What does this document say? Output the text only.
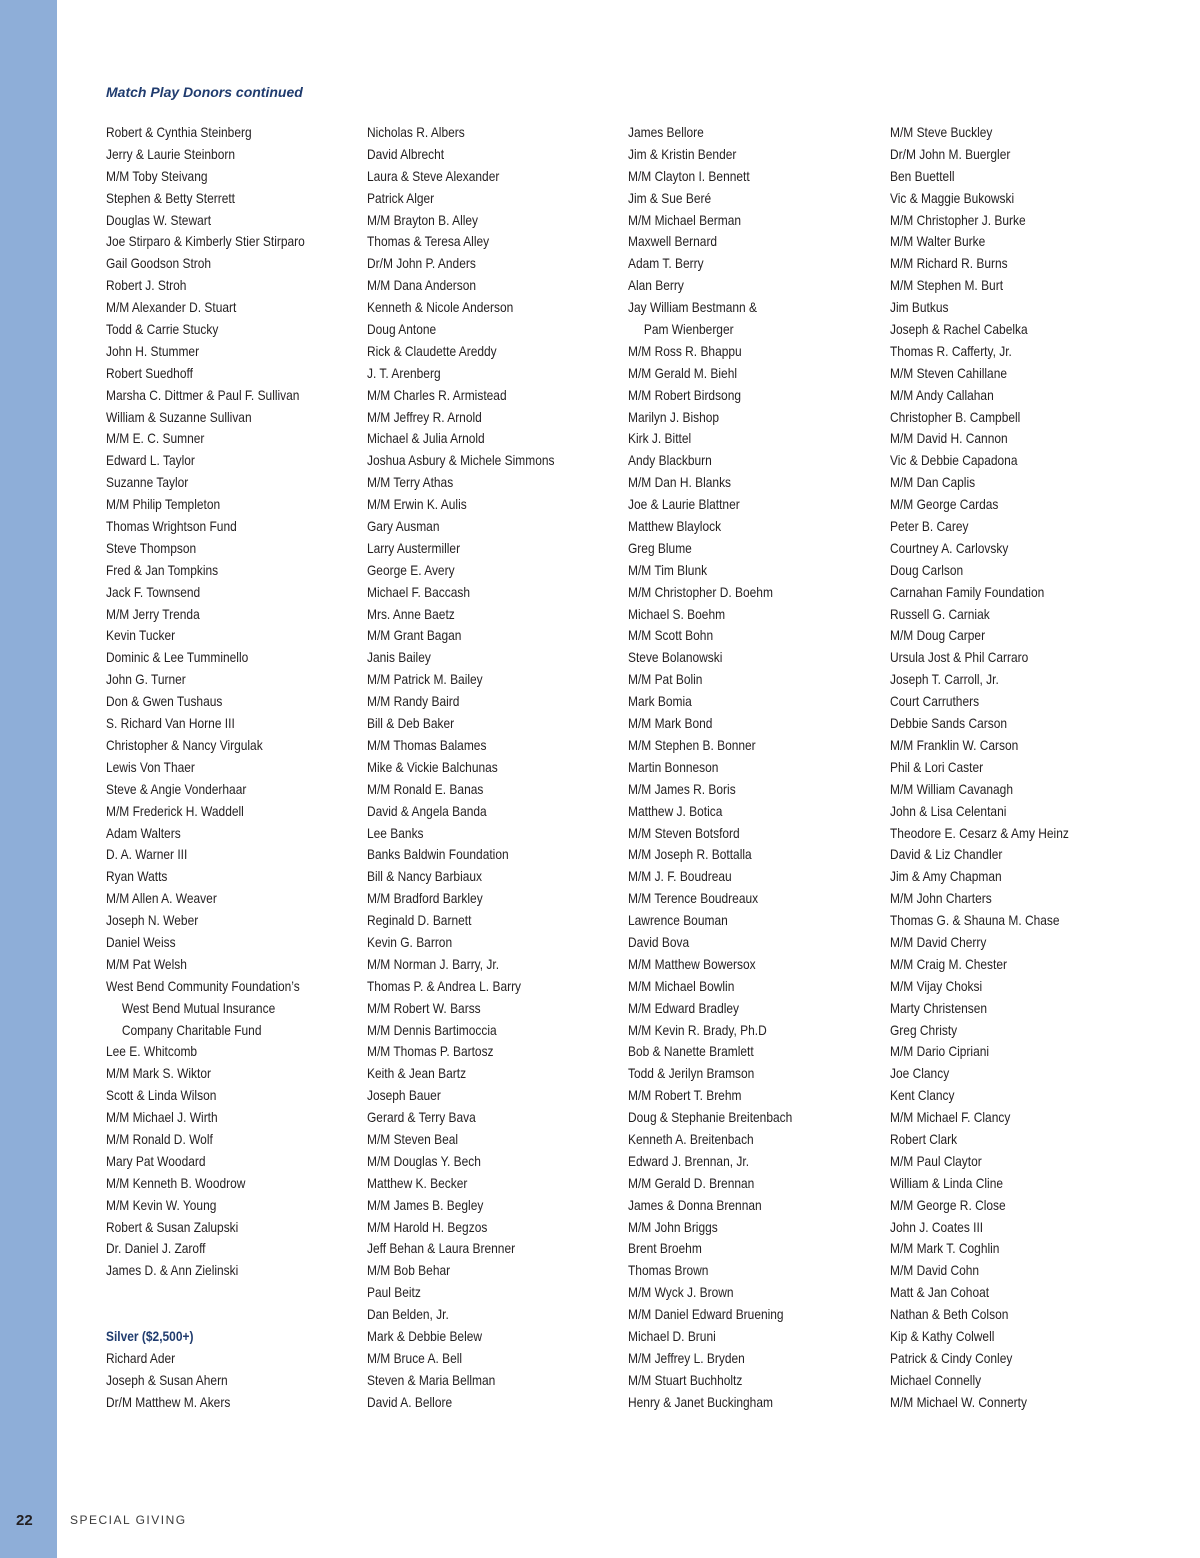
Match Play Donors continued
Robert & Cynthia Steinberg
Jerry & Laurie Steinborn
M/M Toby Steivang
Stephen & Betty Sterrett
Douglas W. Stewart
Joe Stirparo & Kimberly Stier Stirparo
Gail Goodson Stroh
Robert J. Stroh
M/M Alexander D. Stuart
Todd & Carrie Stucky
John H. Stummer
Robert Suedhoff
Marsha C. Dittmer & Paul F. Sullivan
William & Suzanne Sullivan
M/M E. C. Sumner
Edward L. Taylor
Suzanne Taylor
M/M Philip Templeton
Thomas Wrightson Fund
Steve Thompson
Fred & Jan Tompkins
Jack F. Townsend
M/M Jerry Trenda
Kevin Tucker
Dominic & Lee Tumminello
John G. Turner
Don & Gwen Tushaus
S. Richard Van Horne III
Christopher & Nancy Virgulak
Lewis Von Thaer
Steve & Angie Vonderhaar
M/M Frederick H. Waddell
Adam Walters
D. A. Warner III
Ryan Watts
M/M Allen A. Weaver
Joseph N. Weber
Daniel Weiss
M/M Pat Welsh
West Bend Community Foundation’s
West Bend Mutual Insurance
Company Charitable Fund
Lee E. Whitcomb
M/M Mark S. Wiktor
Scott & Linda Wilson
M/M Michael J. Wirth
M/M Ronald D. Wolf
Mary Pat Woodard
M/M Kenneth B. Woodrow
M/M Kevin W. Young
Robert & Susan Zalupski
Dr. Daniel J. Zaroff
James D. & Ann Zielinski
Silver ($2,500+)
Richard Ader
Joseph & Susan Ahern
Dr/M Matthew M. Akers
Nicholas R. Albers
David Albrecht
Laura & Steve Alexander
Patrick Alger
M/M Brayton B. Alley
Thomas & Teresa Alley
Dr/M John P. Anders
M/M Dana Anderson
Kenneth & Nicole Anderson
Doug Antone
Rick & Claudette Areddy
J. T. Arenberg
M/M Charles R. Armistead
M/M Jeffrey R. Arnold
Michael & Julia Arnold
Joshua Asbury & Michele Simmons
M/M Terry Athas
M/M Erwin K. Aulis
Gary Ausman
Larry Austermiller
George E. Avery
Michael F. Baccash
Mrs. Anne Baetz
M/M Grant Bagan
Janis Bailey
M/M Patrick M. Bailey
M/M Randy Baird
Bill & Deb Baker
M/M Thomas Balames
Mike & Vickie Balchunas
M/M Ronald E. Banas
David & Angela Banda
Lee Banks
Banks Baldwin Foundation
Bill & Nancy Barbiaux
M/M Bradford Barkley
Reginald D. Barnett
Kevin G. Barron
M/M Norman J. Barry, Jr.
Thomas P. & Andrea L. Barry
M/M Robert W. Barss
M/M Dennis Bartimoccia
M/M Thomas P. Bartosz
Keith & Jean Bartz
Joseph Bauer
Gerard & Terry Bava
M/M Steven Beal
M/M Douglas Y. Bech
Matthew K. Becker
M/M James B. Begley
M/M Harold H. Begzos
Jeff Behan & Laura Brenner
M/M Bob Behar
Paul Beitz
Dan Belden, Jr.
Mark & Debbie Belew
M/M Bruce A. Bell
Steven & Maria Bellman
David A. Bellore
James Bellore
Jim & Kristin Bender
M/M Clayton I. Bennett
Jim & Sue Beré
M/M Michael Berman
Maxwell Bernard
Adam T. Berry
Alan Berry
Jay William Bestmann &
Pam Wienberger
M/M Ross R. Bhappu
M/M Gerald M. Biehl
M/M Robert Birdsong
Marilyn J. Bishop
Kirk J. Bittel
Andy Blackburn
M/M Dan H. Blanks
Joe & Laurie Blattner
Matthew Blaylock
Greg Blume
M/M Tim Blunk
M/M Christopher D. Boehm
Michael S. Boehm
M/M Scott Bohn
Steve Bolanowski
M/M Pat Bolin
Mark Bomia
M/M Mark Bond
M/M Stephen B. Bonner
Martin Bonneson
M/M James R. Boris
Matthew J. Botica
M/M Steven Botsford
M/M Joseph R. Bottalla
M/M J. F. Boudreau
M/M Terence Boudreaux
Lawrence Bouman
David Bova
M/M Matthew Bowersox
M/M Michael Bowlin
M/M Edward Bradley
M/M Kevin R. Brady, Ph.D
Bob & Nanette Bramlett
Todd & Jerilyn Bramson
M/M Robert T. Brehm
Doug & Stephanie Breitenbach
Kenneth A. Breitenbach
Edward J. Brennan, Jr.
M/M Gerald D. Brennan
James & Donna Brennan
M/M John Briggs
Brent Broehm
Thomas Brown
M/M Wyck J. Brown
M/M Daniel Edward Bruening
Michael D. Bruni
M/M Jeffrey L. Bryden
M/M Stuart Buchholtz
Henry & Janet Buckingham
M/M Steve Buckley
Dr/M John M. Buergler
Ben Buettell
Vic & Maggie Bukowski
M/M Christopher J. Burke
M/M Walter Burke
M/M Richard R. Burns
M/M Stephen M. Burt
Jim Butkus
Joseph & Rachel Cabelka
Thomas R. Cafferty, Jr.
M/M Steven Cahillane
M/M Andy Callahan
Christopher B. Campbell
M/M David H. Cannon
Vic & Debbie Capadona
M/M Dan Caplis
M/M George Cardas
Peter B. Carey
Courtney A. Carlovsky
Doug Carlson
Carnahan Family Foundation
Russell G. Carniak
M/M Doug Carper
Ursula Jost & Phil Carraro
Joseph T. Carroll, Jr.
Court Carruthers
Debbie Sands Carson
M/M Franklin W. Carson
Phil & Lori Caster
M/M William Cavanagh
John & Lisa Celentani
Theodore E. Cesarz & Amy Heinz
David & Liz Chandler
Jim & Amy Chapman
M/M John Charters
Thomas G. & Shauna M. Chase
M/M David Cherry
M/M Craig M. Chester
M/M Vijay Choksi
Marty Christensen
Greg Christy
M/M Dario Cipriani
Joe Clancy
Kent Clancy
M/M Michael F. Clancy
Robert Clark
M/M Paul Claytor
William & Linda Cline
M/M George R. Close
John J. Coates III
M/M Mark T. Coghlin
M/M David Cohn
Matt & Jan Cohoat
Nathan & Beth Colson
Kip & Kathy Colwell
Patrick & Cindy Conley
Michael Connelly
M/M Michael W. Connerty
22	SPECIAL GIVING
